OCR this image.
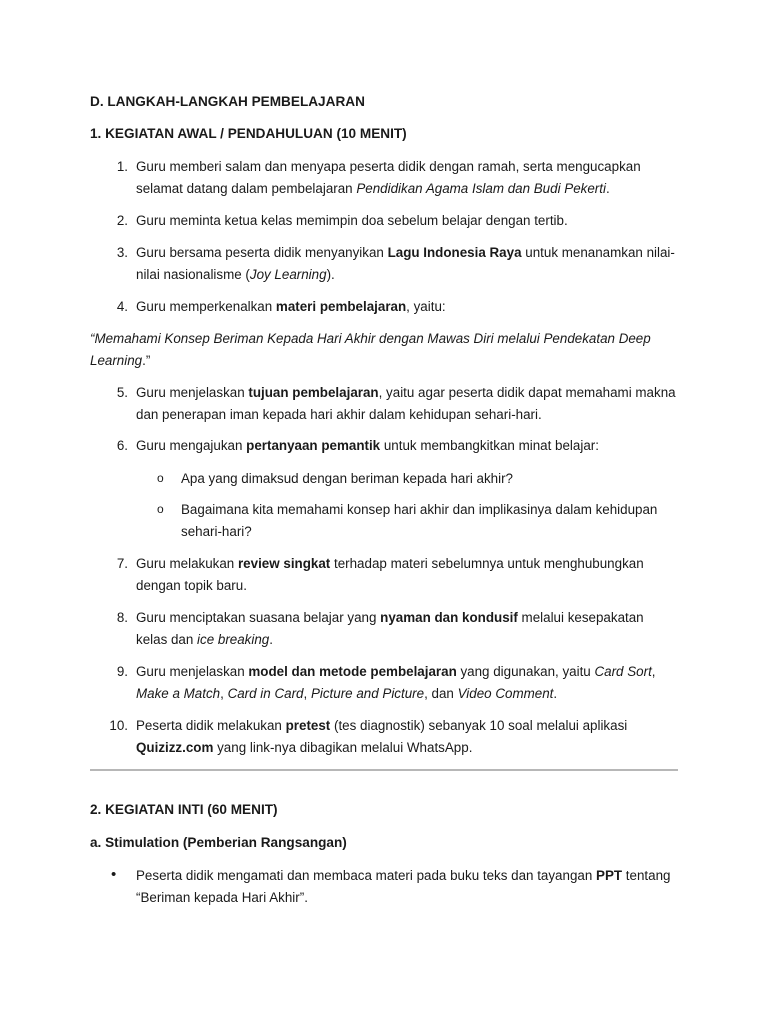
D. LANGKAH-LANGKAH PEMBELAJARAN
1. KEGIATAN AWAL / PENDAHULUAN (10 MENIT)

1. Guru memberi salam dan menyapa peserta didik dengan ramah, serta mengucapkan selamat datang dalam pembelajaran Pendidikan Agama Islam dan Budi Pekerti.

2. Guru meminta ketua kelas memimpin doa sebelum belajar dengan tertib.

3. Guru bersama peserta didik menyanyikan Lagu Indonesia Raya untuk menanamkan nilai-nilai nasionalisme (Joy Learning).

4. Guru memperkenalkan materi pembelajaran, yaitu:

“Memahami Konsep Beriman Kepada Hari Akhir dengan Mawas Diri melalui Pendekatan Deep Learning.”

5. Guru menjelaskan tujuan pembelajaran, yaitu agar peserta didik dapat memahami makna dan penerapan iman kepada hari akhir dalam kehidupan sehari-hari.

6. Guru mengajukan pertanyaan pemantik untuk membangkitkan minat belajar:

o Apa yang dimaksud dengan beriman kepada hari akhir?

o Bagaimana kita memahami konsep hari akhir dan implikasinya dalam kehidupan sehari-hari?

7. Guru melakukan review singkat terhadap materi sebelumnya untuk menghubungkan dengan topik baru.

8. Guru menciptakan suasana belajar yang nyaman dan kondusif melalui kesepakatan kelas dan ice breaking.

9. Guru menjelaskan model dan metode pembelajaran yang digunakan, yaitu Card Sort, Make a Match, Card in Card, Picture and Picture, dan Video Comment.

10. Peserta didik melakukan pretest (tes diagnostik) sebanyak 10 soal melalui aplikasi Quizizz.com yang link-nya dibagikan melalui WhatsApp.

2. KEGIATAN INTI (60 MENIT)
a. Stimulation (Pemberian Rangsangan)

• Peserta didik mengamati dan membaca materi pada buku teks dan tayangan PPT tentang “Beriman kepada Hari Akhir”.
